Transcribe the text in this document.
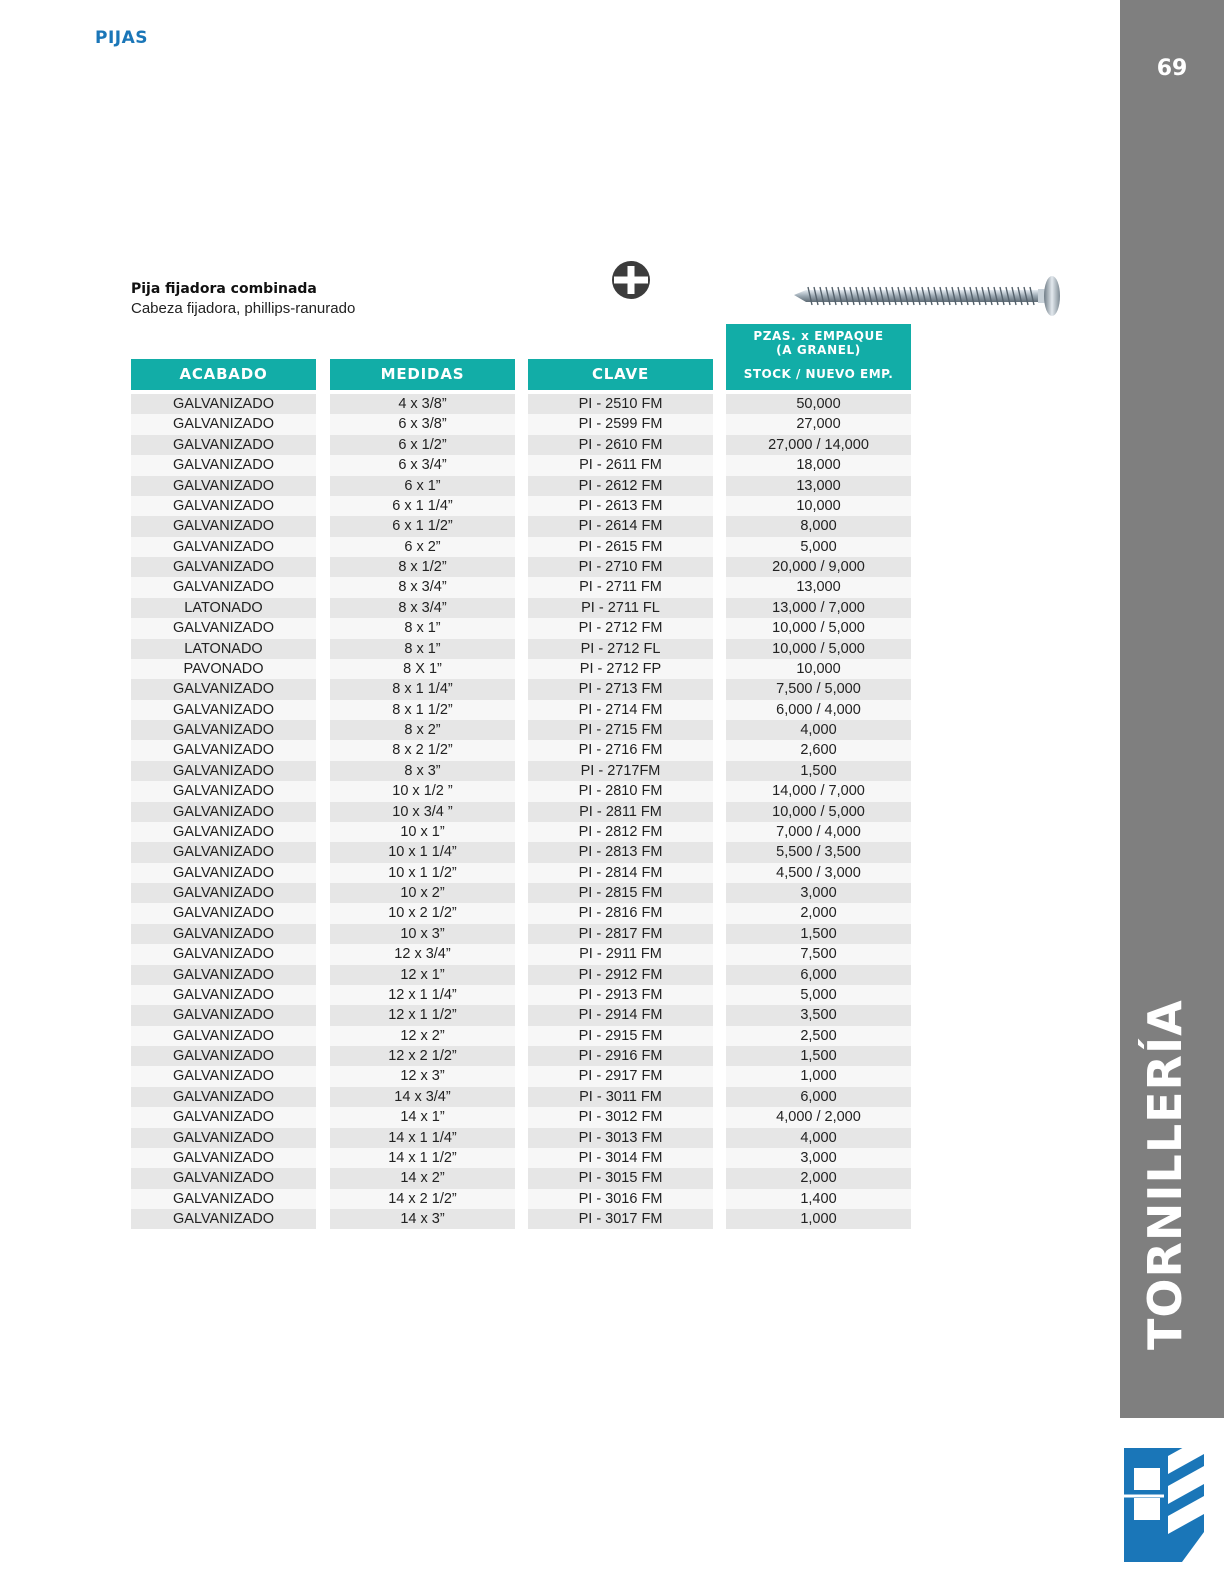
PIJAS
69
TORNILLERÍA
Pija fijadora combinada
Cabeza fijadora, phillips-ranurado
ACABADO
GALVANIZADO
GALVANIZADO
GALVANIZADO
GALVANIZADO
GALVANIZADO
GALVANIZADO
GALVANIZADO
GALVANIZADO
GALVANIZADO
GALVANIZADO
LATONADO
GALVANIZADO
LATONADO
PAVONADO
GALVANIZADO
GALVANIZADO
GALVANIZADO
GALVANIZADO
GALVANIZADO
GALVANIZADO
GALVANIZADO
GALVANIZADO
GALVANIZADO
GALVANIZADO
GALVANIZADO
GALVANIZADO
GALVANIZADO
GALVANIZADO
GALVANIZADO
GALVANIZADO
GALVANIZADO
GALVANIZADO
GALVANIZADO
GALVANIZADO
GALVANIZADO
GALVANIZADO
GALVANIZADO
GALVANIZADO
GALVANIZADO
GALVANIZADO
GALVANIZADO
MEDIDAS
4 x 3/8”
6 x 3/8”
6 x 1/2”
6 x 3/4”
6 x 1”
6 x 1 1/4”
6 x 1 1/2”
6 x 2”
8 x 1/2”
8 x 3/4”
8 x 3/4”
8 x 1”
8 x 1”
8 X 1”
8 x 1 1/4”
8 x 1 1/2”
8 x 2”
8 x 2 1/2”
8 x 3”
10 x 1/2 ”
10 x 3/4 ”
10 x 1”
10 x 1 1/4”
10 x 1 1/2”
10 x 2”
10 x 2 1/2”
10 x 3”
12 x 3/4”
12 x 1”
12 x 1 1/4”
12 x 1 1/2”
12 x 2”
12 x 2 1/2”
12 x 3”
14 x 3/4”
14 x 1”
14 x 1 1/4”
14 x 1 1/2”
14 x 2”
14 x 2 1/2”
14 x 3”
CLAVE
PI - 2510 FM
PI - 2599 FM
PI - 2610 FM
PI - 2611 FM
PI - 2612 FM
PI - 2613 FM
PI - 2614 FM
PI - 2615 FM
PI - 2710 FM
PI - 2711 FM
PI - 2711 FL
PI - 2712 FM
PI - 2712 FL
PI - 2712 FP
PI - 2713 FM
PI - 2714 FM
PI - 2715 FM
PI - 2716 FM
PI - 2717FM
PI - 2810 FM
PI - 2811 FM
PI - 2812 FM
PI - 2813 FM
PI - 2814 FM
PI - 2815 FM
PI - 2816 FM
PI - 2817 FM
PI - 2911 FM
PI - 2912 FM
PI - 2913 FM
PI - 2914 FM
PI - 2915 FM
PI - 2916 FM
PI - 2917 FM
PI - 3011 FM
PI - 3012 FM
PI - 3013 FM
PI - 3014 FM
PI - 3015 FM
PI - 3016 FM
PI - 3017 FM
PZAS. x EMPAQUE
(A GRANEL)
STOCK / NUEVO EMP.
50,000
27,000
27,000 / 14,000
18,000
13,000
10,000
8,000
5,000
20,000 / 9,000
13,000
13,000 / 7,000
10,000 / 5,000
10,000 / 5,000
10,000
7,500 / 5,000
6,000 / 4,000
4,000
2,600
1,500
14,000 / 7,000
10,000 / 5,000
7,000 / 4,000
5,500 / 3,500
4,500 / 3,000
3,000
2,000
1,500
7,500
6,000
5,000
3,500
2,500
1,500
1,000
6,000
4,000 / 2,000
4,000
3,000
2,000
1,400
1,000
